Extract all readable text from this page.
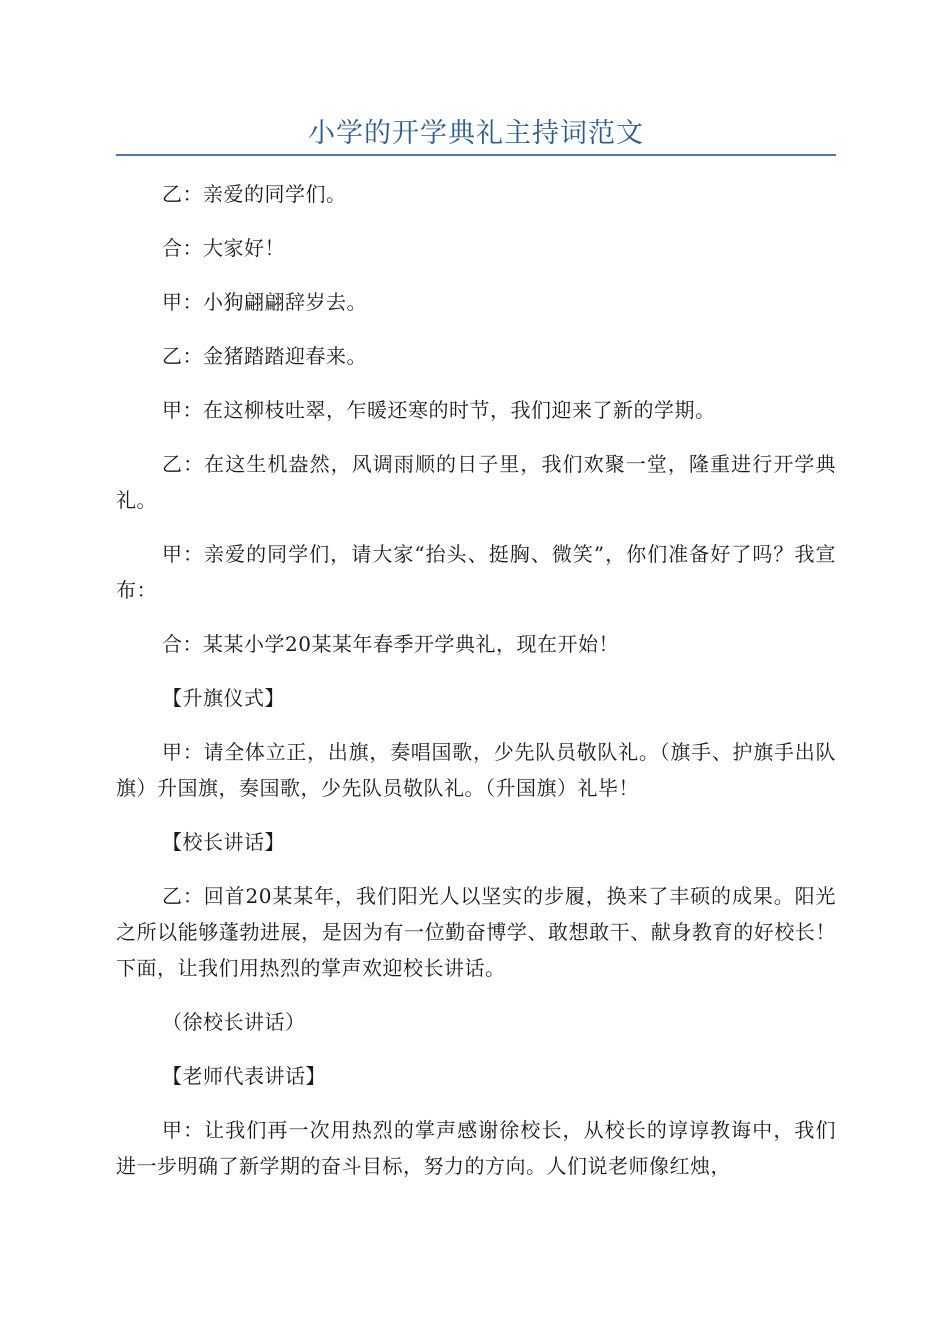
小学的开学典礼主持词范文

乙：亲爱的同学们。

合：大家好！

甲：小狗翩翩辞岁去。

乙：金猪踏踏迎春来。

甲：在这柳枝吐翠，乍暖还寒的时节，我们迎来了新的学期。

乙：在这生机盎然，风调雨顺的日子里，我们欢聚一堂，隆重进行开学典礼。

甲：亲爱的同学们，请大家“抬头、挺胸、微笑”，你们准备好了吗？我宣布：

合：某某小学20某某年春季开学典礼，现在开始！

【升旗仪式】

甲：请全体立正，出旗，奏唱国歌，少先队员敬队礼。（旗手、护旗手出队旗）升国旗，奏国歌，少先队员敬队礼。（升国旗）礼毕！

【校长讲话】

乙：回首20某某年，我们阳光人以坚实的步履，换来了丰硕的成果。阳光之所以能够蓬勃进展，是因为有一位勤奋博学、敢想敢干、献身教育的好校长！下面，让我们用热烈的掌声欢迎校长讲话。

（徐校长讲话）

【老师代表讲话】

甲：让我们再一次用热烈的掌声感谢徐校长，从校长的谆谆教诲中，我们进一步明确了新学期的奋斗目标，努力的方向。人们说老师像红烛，
